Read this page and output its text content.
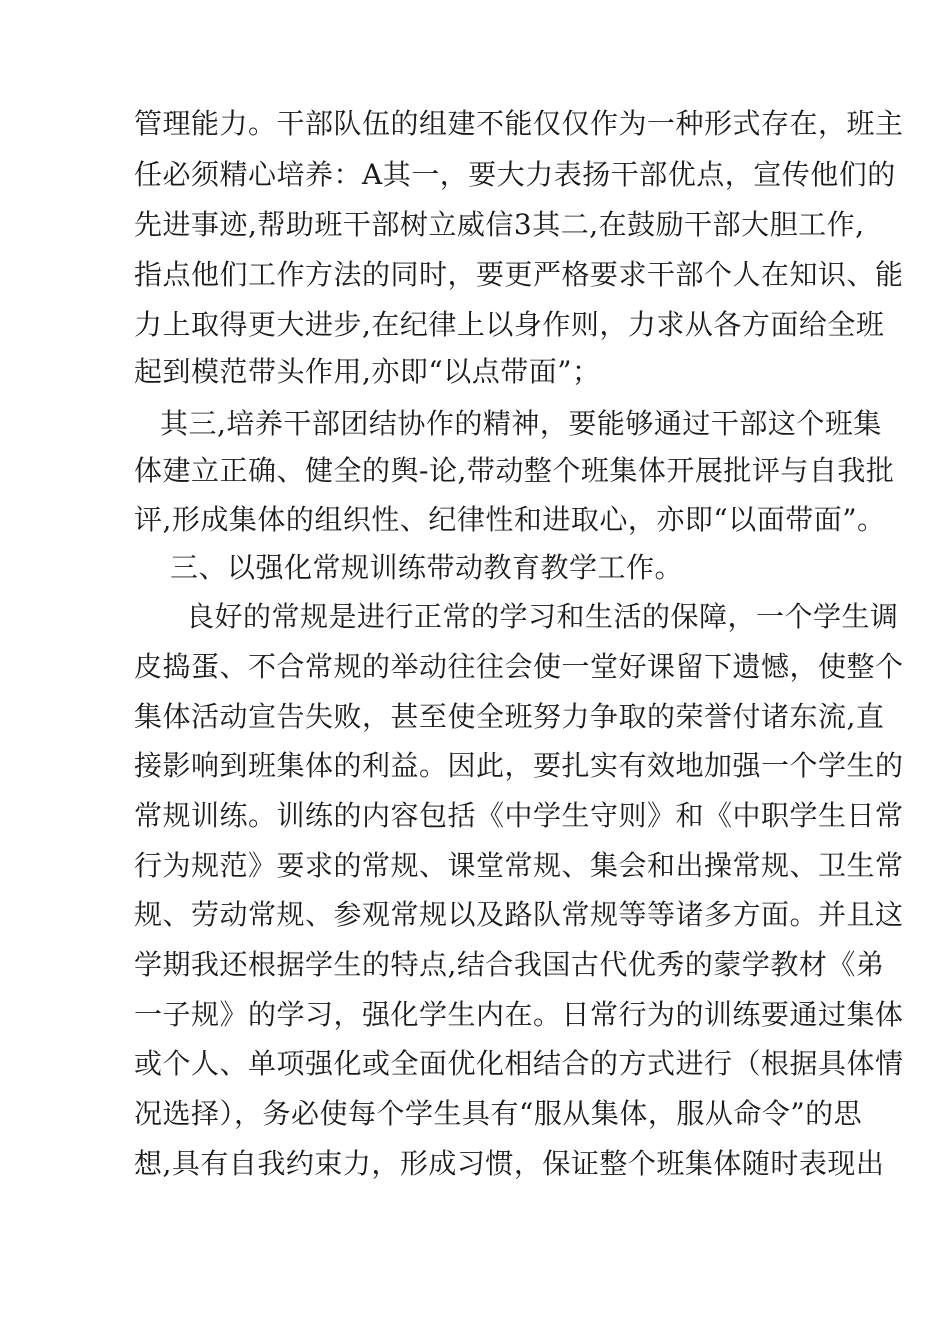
管理能力。干部队伍的组建不能仅仅作为一种形式存在，班主
任必须精心培养：A其一，要大力表扬干部优点，宣传他们的
先进事迹,帮助班干部树立威信3其二,在鼓励干部大胆工作,
指点他们工作方法的同时，要更严格要求干部个人在知识、能
力上取得更大进步,在纪律上以身作则，力求从各方面给全班
起到模范带头作用,亦即“以点带面”；
其三,培养干部团结协作的精神，要能够通过干部这个班集
体建立正确、健全的舆-论,带动整个班集体开展批评与自我批
评,形成集体的组织性、纪律性和进取心，亦即“以面带面”。
三、以强化常规训练带动教育教学工作。
良好的常规是进行正常的学习和生活的保障，一个学生调
皮捣蛋、不合常规的举动往往会使一堂好课留下遗憾，使整个
集体活动宣告失败，甚至使全班努力争取的荣誉付诸东流,直
接影响到班集体的利益。因此，要扎实有效地加强一个学生的
常规训练。训练的内容包括《中学生守则》和《中职学生日常
行为规范》要求的常规、课堂常规、集会和出操常规、卫生常
规、劳动常规、参观常规以及路队常规等等诸多方面。并且这
学期我还根据学生的特点,结合我国古代优秀的蒙学教材《弟
一子规》的学习，强化学生内在。日常行为的训练要通过集体
或个人、单项强化或全面优化相结合的方式进行（根据具体情
况选择），务必使每个学生具有“服从集体，服从命令”的思
想,具有自我约束力，形成习惯，保证整个班集体随时表现出
